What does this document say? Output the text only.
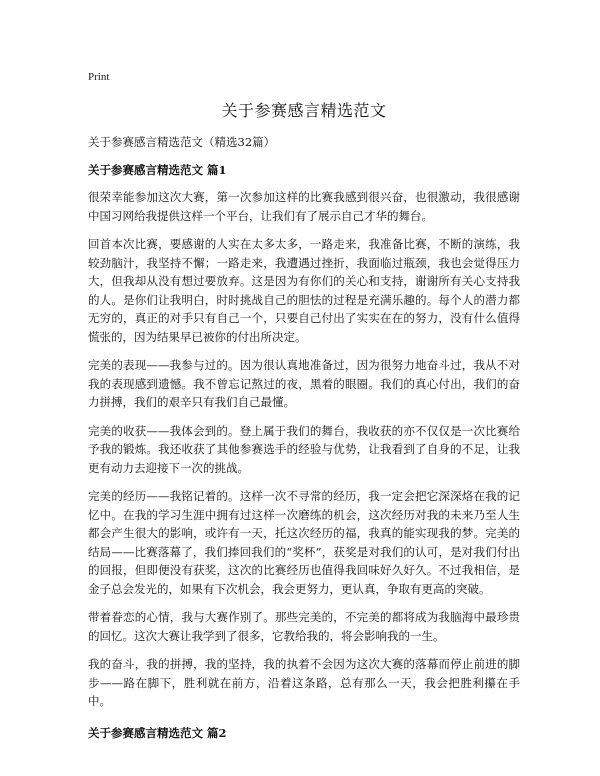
Print
关于参赛感言精选范文
关于参赛感言精选范文（精选32篇）
关于参赛感言精选范文 篇1

很荣幸能参加这次大赛，第一次参加这样的比赛我感到很兴奋，也很激动，我很感谢中国习网给我提供这样一个平台，让我们有了展示自己才华的舞台。

回首本次比赛，要感谢的人实在太多太多，一路走来，我准备比赛，不断的演练，我较劲脑汁，我坚持不懈；一路走来，我遭遇过挫折，我面临过瓶颈，我也会觉得压力大，但我却从没有想过要放弃。这是因为有你们的关心和支持，谢谢所有关心支持我的人。是你们让我明白，时时挑战自己的胆怯的过程是充满乐趣的。每个人的潜力都无穷的，真正的对手只有自己一个，只要自己付出了实实在在的努力，没有什么值得慌张的，因为结果早已被你的付出所决定。

完美的表现——我参与过的。因为很认真地准备过，因为很努力地奋斗过，我从不对我的表现感到遗憾。我不曾忘记熬过的夜，黑着的眼圈。我们的真心付出，我们的奋力拼搏，我们的艰辛只有我们自己最懂。

完美的收获——我体会到的。登上属于我们的舞台，我收获的亦不仅仅是一次比赛给予我的锻炼。我还收获了其他参赛选手的经验与优势，让我看到了自身的不足，让我更有动力去迎接下一次的挑战。

完美的经历——我铭记着的。这样一次不寻常的经历，我一定会把它深深烙在我的记忆中。在我的学习生涯中拥有过这样一次磨练的机会，这次经历对我的未来乃至人生都会产生很大的影响，或许有一天，托这次经历的福，我真的能实现我的梦。完美的结局——比赛落幕了，我们捧回我们的“奖杯”，获奖是对我们的认可，是对我们付出的回报，但即便没有获奖，这次的比赛经历也值得我回味好久好久。不过我相信，是金子总会发光的，如果有下次机会，我会更努力，更认真，争取有更高的突破。

带着眷恋的心情，我与大赛作别了。那些完美的，不完美的都将成为我脑海中最珍贵的回忆。这次大赛让我学到了很多，它教给我的，将会影响我的一生。

我的奋斗，我的拼搏，我的坚持，我的执着不会因为这次大赛的落幕而停止前进的脚步——路在脚下，胜利就在前方，沿着这条路，总有那么一天，我会把胜利攥在手中。

关于参赛感言精选范文 篇2
